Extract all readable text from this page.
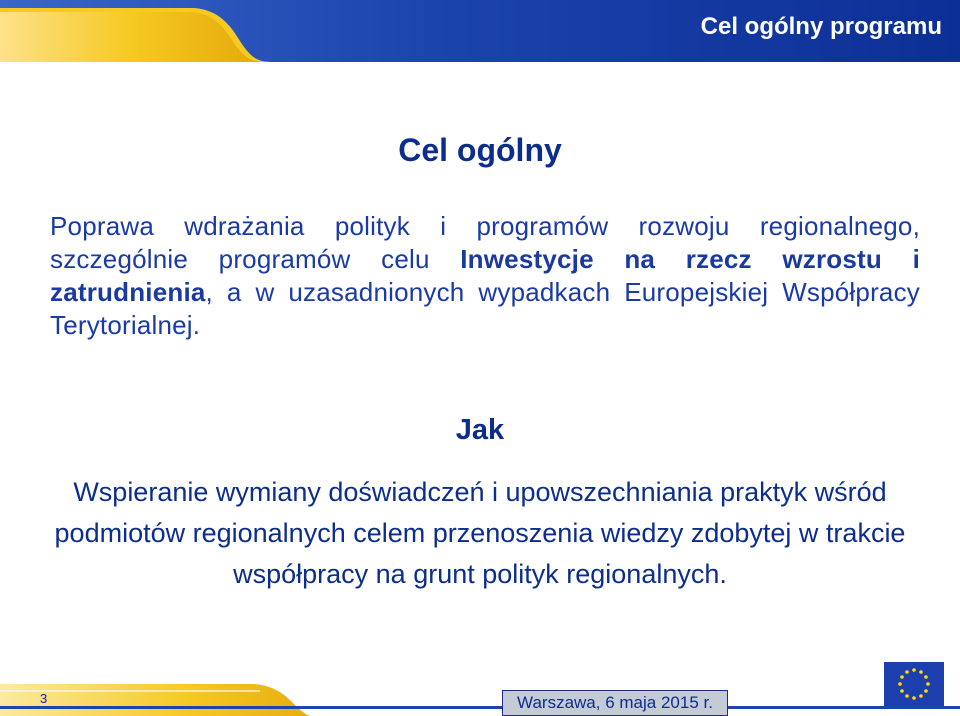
Cel ogólny programu
Cel ogólny

Poprawa wdrażania polityk i programów rozwoju regionalnego, szczególnie programów celu Inwestycje na rzecz wzrostu i zatrudnienia, a w uzasadnionych wypadkach Europejskiej Współpracy Terytorialnej.

Jak

Wspieranie wymiany doświadczeń i upowszechniania praktyk wśród podmiotów regionalnych celem przenoszenia wiedzy zdobytej w trakcie współpracy na grunt polityk regionalnych.

3	Warszawa, 6 maja 2015 r.
